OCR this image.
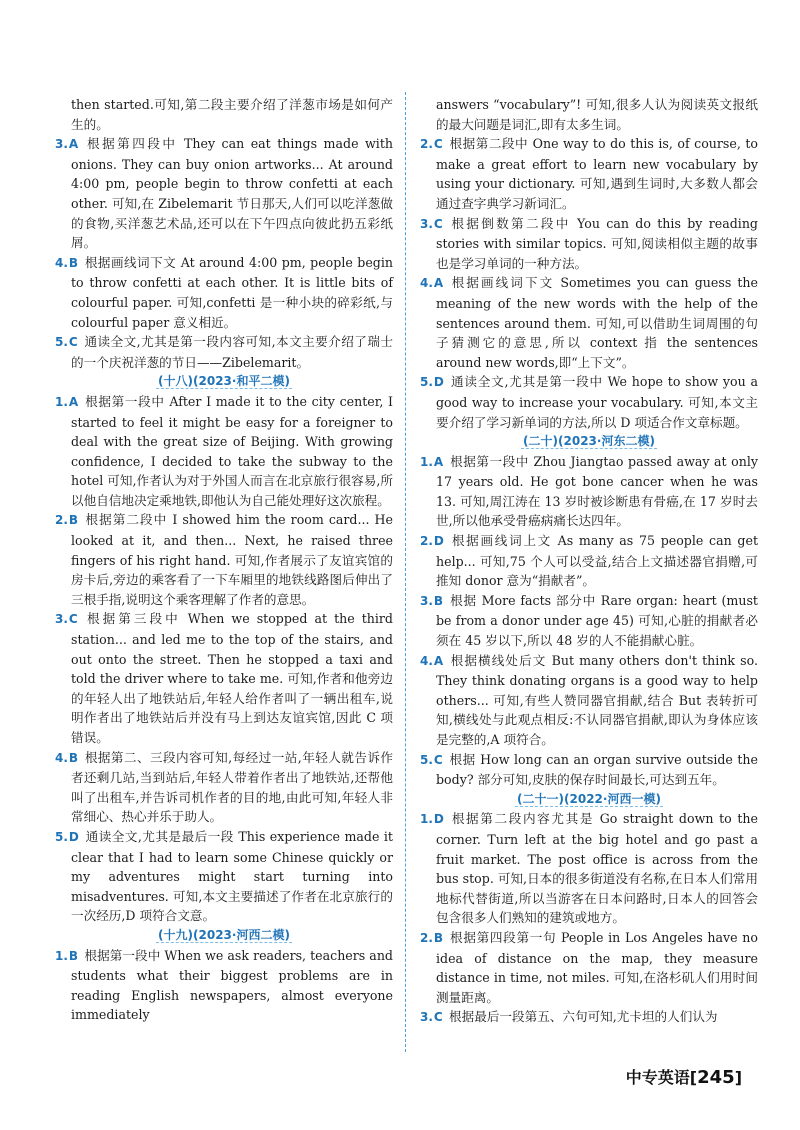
then started.可知,第二段主要介绍了洋葱市场是如何产生的。

3.A  根据第四段中 They can eat things made with onions. They can buy onion artworks... At around 4:00 pm, people begin to throw confetti at each other. 可知,在 Zibelemarit 节日那天,人们可以吃洋葱做的食物,买洋葱艺术品,还可以在下午四点向彼此扔五彩纸屑。

4.B  根据画线词下文 At around 4:00 pm, people begin to throw confetti at each other. It is little bits of colourful paper. 可知,confetti 是一种小块的碎彩纸,与 colourful paper 意义相近。

5.C  通读全文,尤其是第一段内容可知,本文主要介绍了瑞士的一个庆祝洋葱的节日——Zibelemarit。

(十八)(2023·和平二模)

1.A  根据第一段中 After I made it to the city center, I started to feel it might be easy for a foreigner to deal with the great size of Beijing. With growing confidence, I decided to take the subway to the hotel 可知,作者认为对于外国人而言在北京旅行很容易,所以他自信地决定乘地铁,即他认为自己能处理好这次旅程。

2.B  根据第二段中 I showed him the room card... He looked at it, and then... Next, he raised three fingers of his right hand. 可知,作者展示了友谊宾馆的房卡后,旁边的乘客看了一下车厢里的地铁线路图后伸出了三根手指,说明这个乘客理解了作者的意思。

3.C  根据第三段中 When we stopped at the third station... and led me to the top of the stairs, and out onto the street. Then he stopped a taxi and told the driver where to take me. 可知,作者和他旁边的年轻人出了地铁站后,年轻人给作者叫了一辆出租车,说明作者出了地铁站后并没有马上到达友谊宾馆,因此 C 项错误。

4.B  根据第二、三段内容可知,每经过一站,年轻人就告诉作者还剩几站,当到站后,年轻人带着作者出了地铁站,还帮他叫了出租车,并告诉司机作者的目的地,由此可知,年轻人非常细心、热心并乐于助人。

5.D  通读全文,尤其是最后一段 This experience made it clear that I had to learn some Chinese quickly or my adventures might start turning into misadventures. 可知,本文主要描述了作者在北京旅行的一次经历,D 项符合文意。

(十九)(2023·河西二模)

1.B  根据第一段中 When we ask readers, teachers and students what their biggest problems are in reading English newspapers, almost everyone immediately

answers “vocabulary”! 可知,很多人认为阅读英文报纸的最大问题是词汇,即有太多生词。

2.C  根据第二段中 One way to do this is, of course, to make a great effort to learn new vocabulary by using your dictionary. 可知,遇到生词时,大多数人都会通过查字典学习新词汇。

3.C  根据倒数第二段中 You can do this by reading stories with similar topics. 可知,阅读相似主题的故事也是学习单词的一种方法。

4.A  根据画线词下文 Sometimes you can guess the meaning of the new words with the help of the sentences around them. 可知,可以借助生词周围的句子猜测它的意思,所以 context 指 the sentences around new words,即“上下文”。

5.D  通读全文,尤其是第一段中 We hope to show you a good way to increase your vocabulary. 可知,本文主要介绍了学习新单词的方法,所以 D 项适合作文章标题。

(二十)(2023·河东二模)

1.A  根据第一段中 Zhou Jiangtao passed away at only 17 years old. He got bone cancer when he was 13. 可知,周江涛在 13 岁时被诊断患有骨癌,在 17 岁时去世,所以他承受骨癌病痛长达四年。

2.D  根据画线词上文 As many as 75 people can get help... 可知,75 个人可以受益,结合上文描述器官捐赠,可推知 donor 意为“捐献者”。

3.B  根据 More facts 部分中 Rare organ: heart (must be from a donor under age 45) 可知,心脏的捐献者必须在 45 岁以下,所以 48 岁的人不能捐献心脏。

4.A  根据横线处后文 But many others don't think so. They think donating organs is a good way to help others... 可知,有些人赞同器官捐献,结合 But 表转折可知,横线处与此观点相反:不认同器官捐献,即认为身体应该是完整的,A 项符合。

5.C  根据 How long can an organ survive outside the body? 部分可知,皮肤的保存时间最长,可达到五年。

(二十一)(2022·河西一模)

1.D  根据第二段内容尤其是 Go straight down to the corner. Turn left at the big hotel and go past a fruit market. The post office is across from the bus stop. 可知,日本的很多街道没有名称,在日本人们常用地标代替街道,所以当游客在日本问路时,日本人的回答会包含很多人们熟知的建筑或地方。

2.B  根据第四段第一句 People in Los Angeles have no idea of distance on the map, they measure distance in time, not miles. 可知,在洛杉矶人们用时间测量距离。

3.C  根据最后一段第五、六句可知,尤卡坦的人们认为

中专英语[245]
